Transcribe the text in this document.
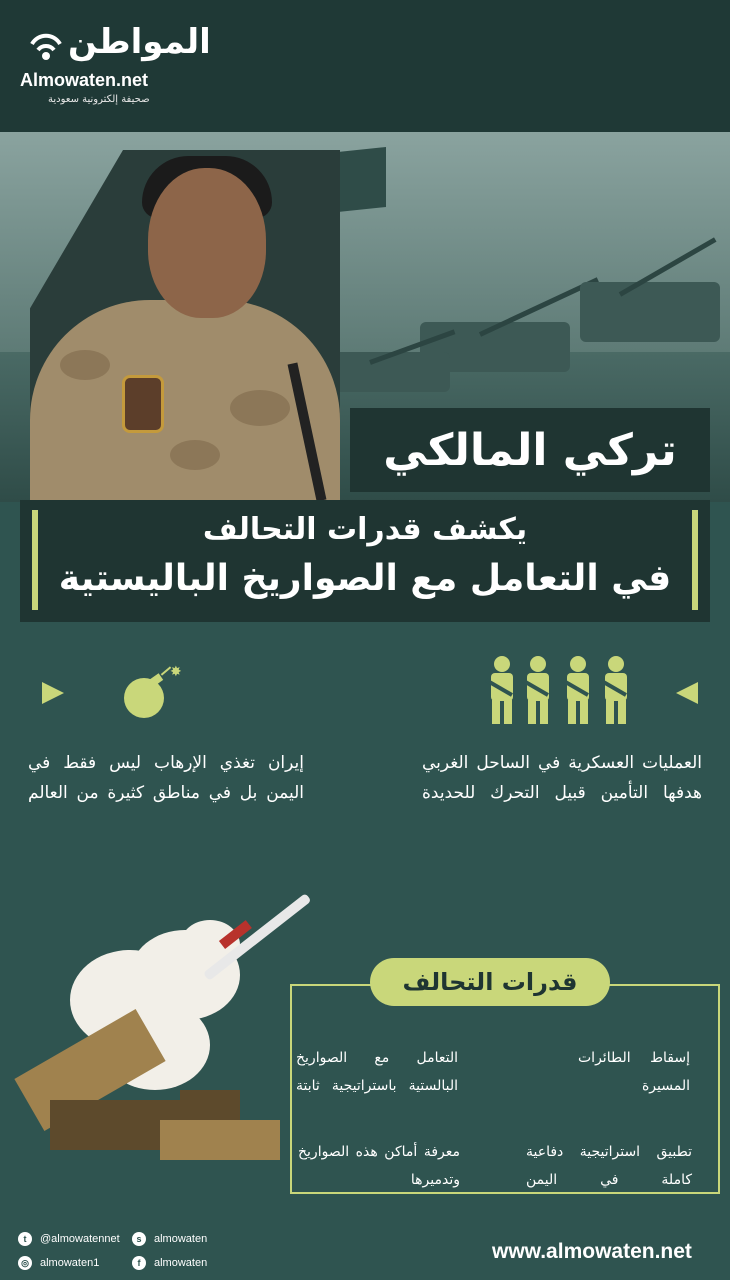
المواطن
Almowaten.net
صحيفة إلكترونية سعودية
تركي المالكي
يكشف قدرات التحالف
في التعامل مع الصواريخ الباليستية
✸
العمليات العسكرية في الساحل الغربي هدفها التأمين قبيل التحرك للحديدة
إيران تغذي الإرهاب ليس فقط في اليمن بل في مناطق كثيرة من العالم
قدرات التحالف
إسقاط الطائرات المسيرة
التعامل مع الصواريخ البالستية باستراتيجية ثابتة
تطبيق استراتيجية دفاعية كاملة في اليمن
معرفة أماكن هذه الصواريخ وتدميرها
t	@almowatennet	s	almowaten
◎ almowaten1	f	almowaten	www.almowaten.net
